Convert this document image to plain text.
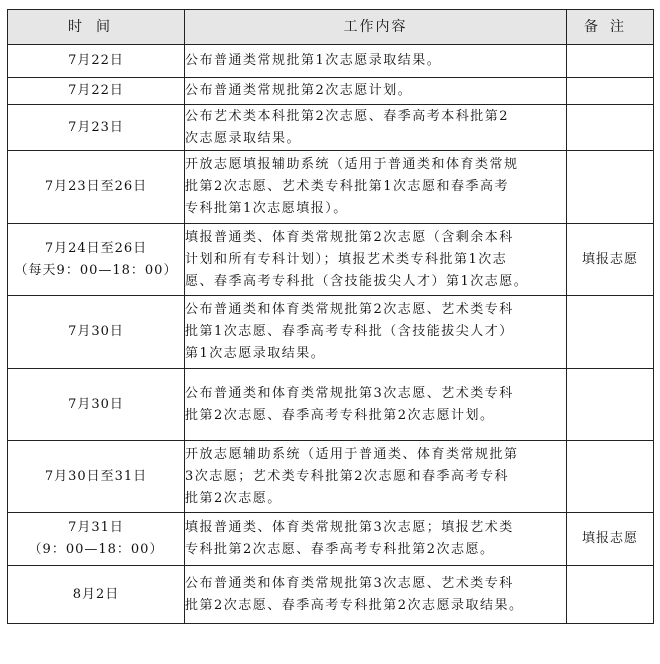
时间	工作内容	备注
7月22日	公布普通类常规批第1次志愿录取结果。	
7月22日	公布普通类常规批第2次志愿计划。	
7月23日	公布艺术类本科批第2次志愿、春季高考本科批第2
次志愿录取结果。	
7月23日至26日	开放志愿填报辅助系统（适用于普通类和体育类常规
批第2次志愿、艺术类专科批第1次志愿和春季高考
专科批第1次志愿填报）。	
7月24日至26日
（每天9：00—18：00）	填报普通类、体育类常规批第2次志愿（含剩余本科
计划和所有专科计划）；填报艺术类专科批第1次志
愿、春季高考专科批（含技能拔尖人才）第1次志愿。	填报志愿
7月30日	公布普通类和体育类常规批第2次志愿、艺术类专科
批第1次志愿、春季高考专科批（含技能拔尖人才）
第1次志愿录取结果。	
7月30日	公布普通类和体育类常规批第3次志愿、艺术类专科
批第2次志愿、春季高考专科批第2次志愿计划。	
7月30日至31日	开放志愿辅助系统（适用于普通类、体育类常规批第
3次志愿；艺术类专科批第2次志愿和春季高考专科
批第2次志愿。	
7月31日
（9：00—18：00）	填报普通类、体育类常规批第3次志愿；填报艺术类
专科批第2次志愿、春季高考专科批第2次志愿。	填报志愿
8月2日	公布普通类和体育类常规批第3次志愿、艺术类专科
批第2次志愿、春季高考专科批第2次志愿录取结果。	
